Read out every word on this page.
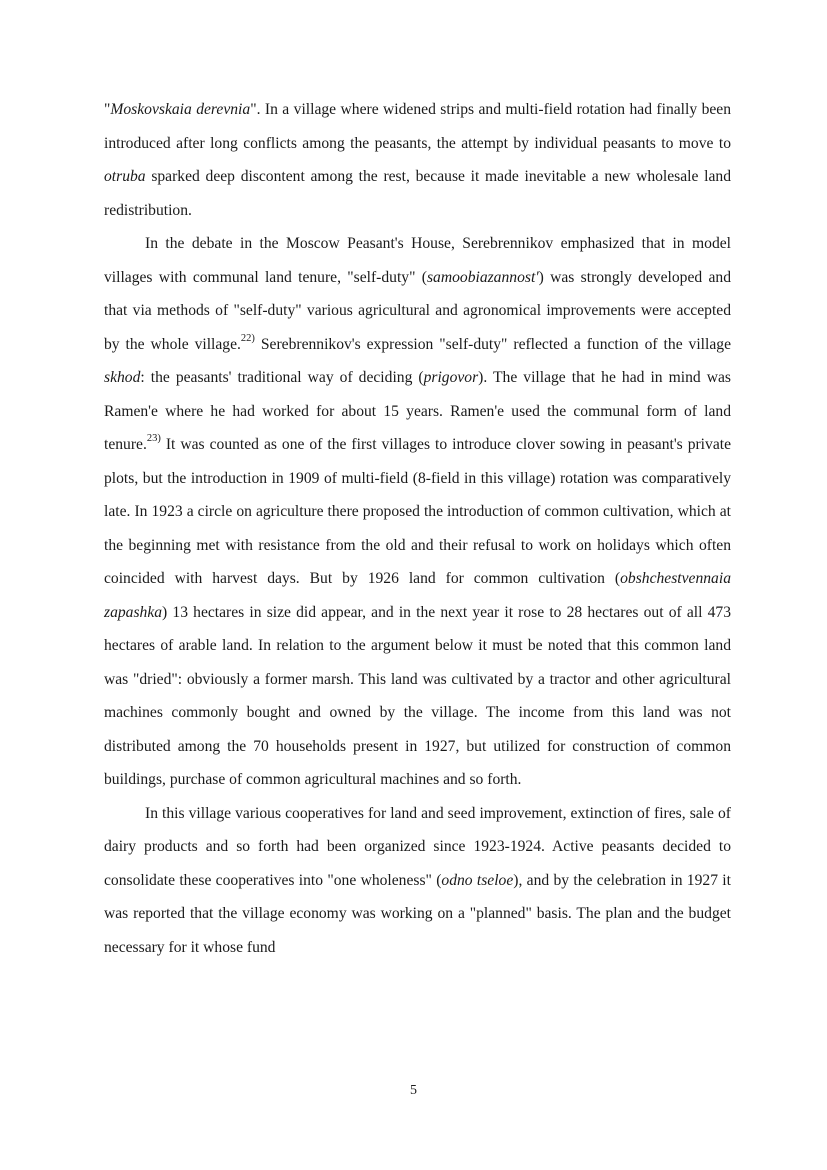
"Moskovskaia derevnia". In a village where widened strips and multi-field rotation had finally been introduced after long conflicts among the peasants, the attempt by individual peasants to move to otruba sparked deep discontent among the rest, because it made inevitable a new wholesale land redistribution.

In the debate in the Moscow Peasant's House, Serebrennikov emphasized that in model villages with communal land tenure, "self-duty" (samoobiazannost') was strongly developed and that via methods of "self-duty" various agricultural and agronomical improvements were accepted by the whole village.$^{22)}$ Serebrennikov's expression "self-duty" reflected a function of the village skhod: the peasants' traditional way of deciding (prigovor). The village that he had in mind was Ramen'e where he had worked for about 15 years. Ramen'e used the communal form of land tenure.$^{23)}$ It was counted as one of the first villages to introduce clover sowing in peasant's private plots, but the introduction in 1909 of multi-field (8-field in this village) rotation was comparatively late. In 1923 a circle on agriculture there proposed the introduction of common cultivation, which at the beginning met with resistance from the old and their refusal to work on holidays which often coincided with harvest days. But by 1926 land for common cultivation (obshchestvennaia zapashka) 13 hectares in size did appear, and in the next year it rose to 28 hectares out of all 473 hectares of arable land. In relation to the argument below it must be noted that this common land was "dried": obviously a former marsh. This land was cultivated by a tractor and other agricultural machines commonly bought and owned by the village. The income from this land was not distributed among the 70 households present in 1927, but utilized for construction of common buildings, purchase of common agricultural machines and so forth.

In this village various cooperatives for land and seed improvement, extinction of fires, sale of dairy products and so forth had been organized since 1923-1924. Active peasants decided to consolidate these cooperatives into "one wholeness" (odno tseloe), and by the celebration in 1927 it was reported that the village economy was working on a "planned" basis. The plan and the budget necessary for it whose fund

5
